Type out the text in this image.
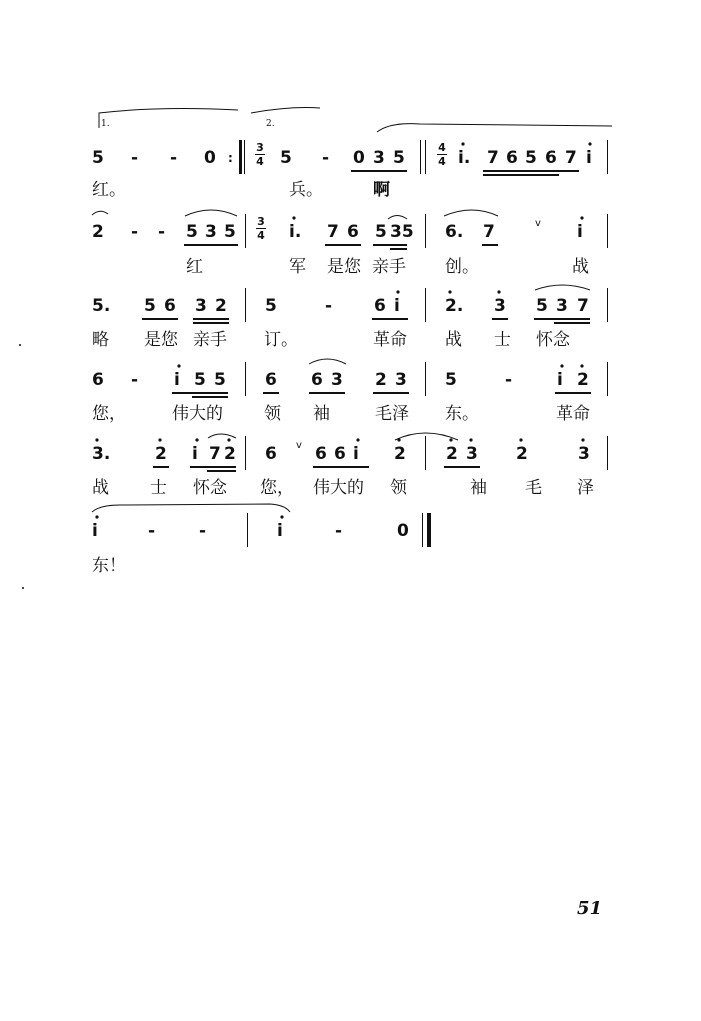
1.	2.
5 - - 0 :
3
4 5 - 0 3 5
4
4 i. 7 6 5 6 7 i
红。	兵。	啊
2 - - 5 3 5
3
4 i. 7 6 5 35 6. 7	ⅴ i
红	军 是您 亲手 创。	战
5. 5 6 3 2 5	- 6 i	2. 3 5 3 7
略 是您 亲手 订。	革命 战 士 怀念
6 - i 5 5 6 6 3 2 3 5	-	i 2
您，	伟大的 领 袖	毛泽 东。	革命
3.	2 i 7 2 6 ⅴ 6 6 i 2 2 3 2	3
战 士 怀念 您， 伟大的 领	袖 毛 泽
i	-	-	i	-	0
东！
51
